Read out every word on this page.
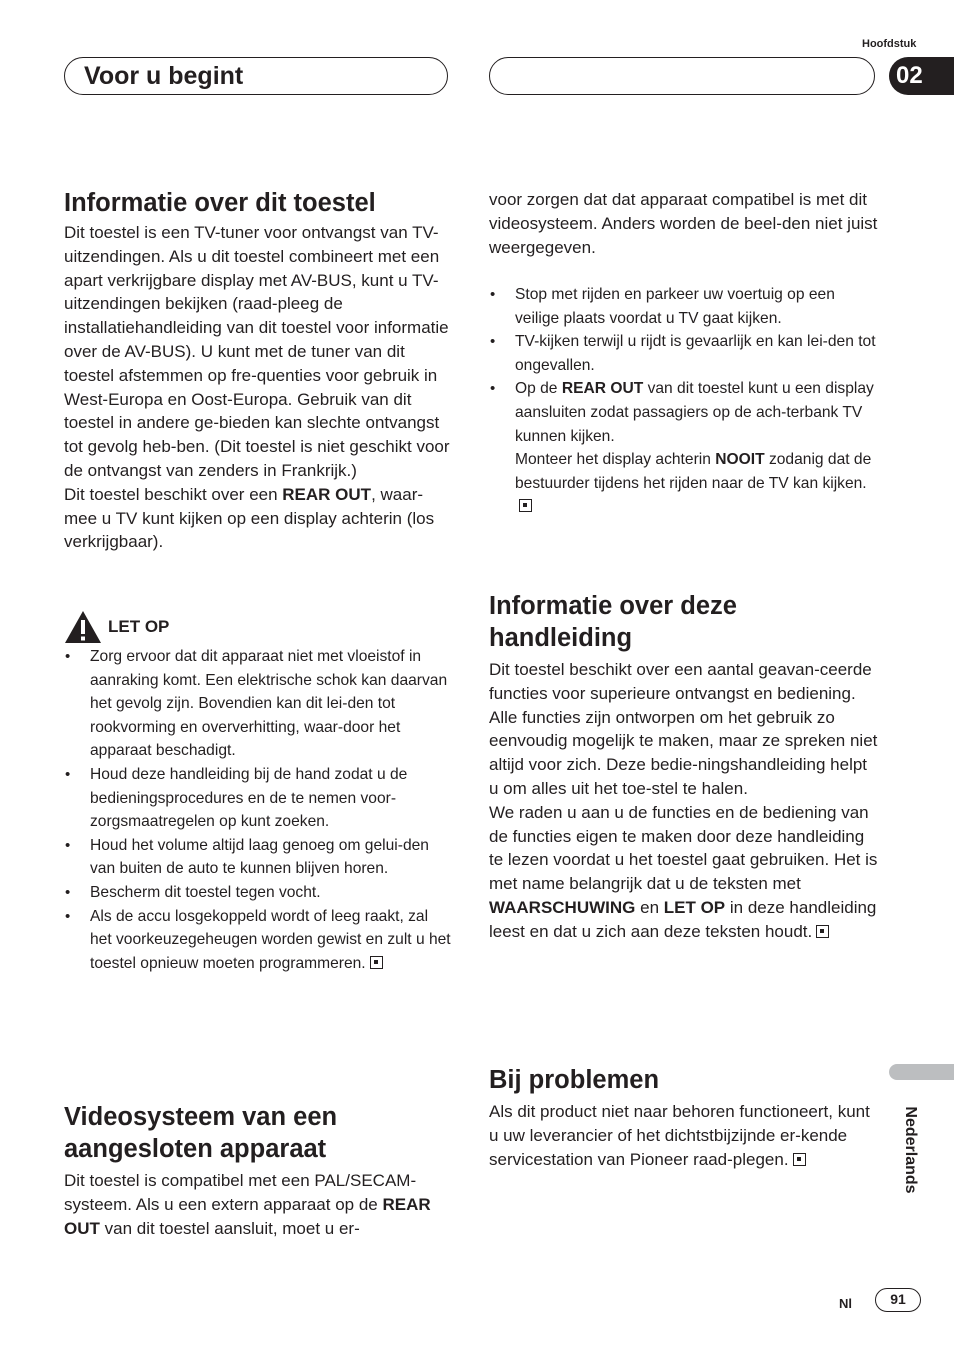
Voor u begint
Hoofdstuk
02
Informatie over dit toestel

Dit toestel is een TV-tuner voor ontvangst van TV-uitzendingen. Als u dit toestel combineert met een apart verkrijgbare display met AV-BUS, kunt u TV-uitzendingen bekijken (raad-pleeg de installatiehandleiding van dit toestel voor informatie over de AV-BUS). U kunt met de tuner van dit toestel afstemmen op fre-quenties voor gebruik in West-Europa en Oost-Europa. Gebruik van dit toestel in andere ge-bieden kan slechte ontvangst tot gevolg heb-ben. (Dit toestel is niet geschikt voor de ontvangst van zenders in Frankrijk.)

Dit toestel beschikt over een REAR OUT, waar-mee u TV kunt kijken op een display achterin (los verkrijgbaar).

LET OP
• Zorg ervoor dat dit apparaat niet met vloeistof in aanraking komt. Een elektrische schok kan daarvan het gevolg zijn. Bovendien kan dit lei-den tot rookvorming en oververhitting, waar-door het apparaat beschadigt.
• Houd deze handleiding bij de hand zodat u de bedieningsprocedures en de te nemen voor-zorgsmaatregelen op kunt zoeken.
• Houd het volume altijd laag genoeg om gelui-den van buiten de auto te kunnen blijven horen.
• Bescherm dit toestel tegen vocht.
• Als de accu losgekoppeld wordt of leeg raakt, zal het voorkeuzegeheugen worden gewist en zult u het toestel opnieuw moeten programmeren.
Videosysteem van een aangesloten apparaat

Dit toestel is compatibel met een PAL/SECAM-systeem. Als u een extern apparaat op de REAR OUT van dit toestel aansluit, moet u er-

voor zorgen dat dat apparaat compatibel is met dit videosysteem. Anders worden de beel-den niet juist weergegeven.

• Stop met rijden en parkeer uw voertuig op een veilige plaats voordat u TV gaat kijken.
• TV-kijken terwijl u rijdt is gevaarlijk en kan lei-den tot ongevallen.
• Op de REAR OUT van dit toestel kunt u een display aansluiten zodat passagiers op de ach-terbank TV kunnen kijken.
Monteer het display achterin NOOIT zodanig dat de bestuurder tijdens het rijden naar de TV kan kijken.
Informatie over deze handleiding

Dit toestel beschikt over een aantal geavan-ceerde functies voor superieure ontvangst en bediening. Alle functies zijn ontworpen om het gebruik zo eenvoudig mogelijk te maken, maar ze spreken niet altijd voor zich. Deze bedie-ningshandleiding helpt u om alles uit het toe-stel te halen.

We raden u aan u de functies en de bediening van de functies eigen te maken door deze handleiding te lezen voordat u het toestel gaat gebruiken. Het is met name belangrijk dat u de teksten met WAARSCHUWING en LET OP in deze handleiding leest en dat u zich aan deze teksten houdt.

Bij problemen

Als dit product niet naar behoren functioneert, kunt u uw leverancier of het dichtstbijzijnde er-kende servicestation van Pioneer raad-plegen.	Nederlands
Nl	91
